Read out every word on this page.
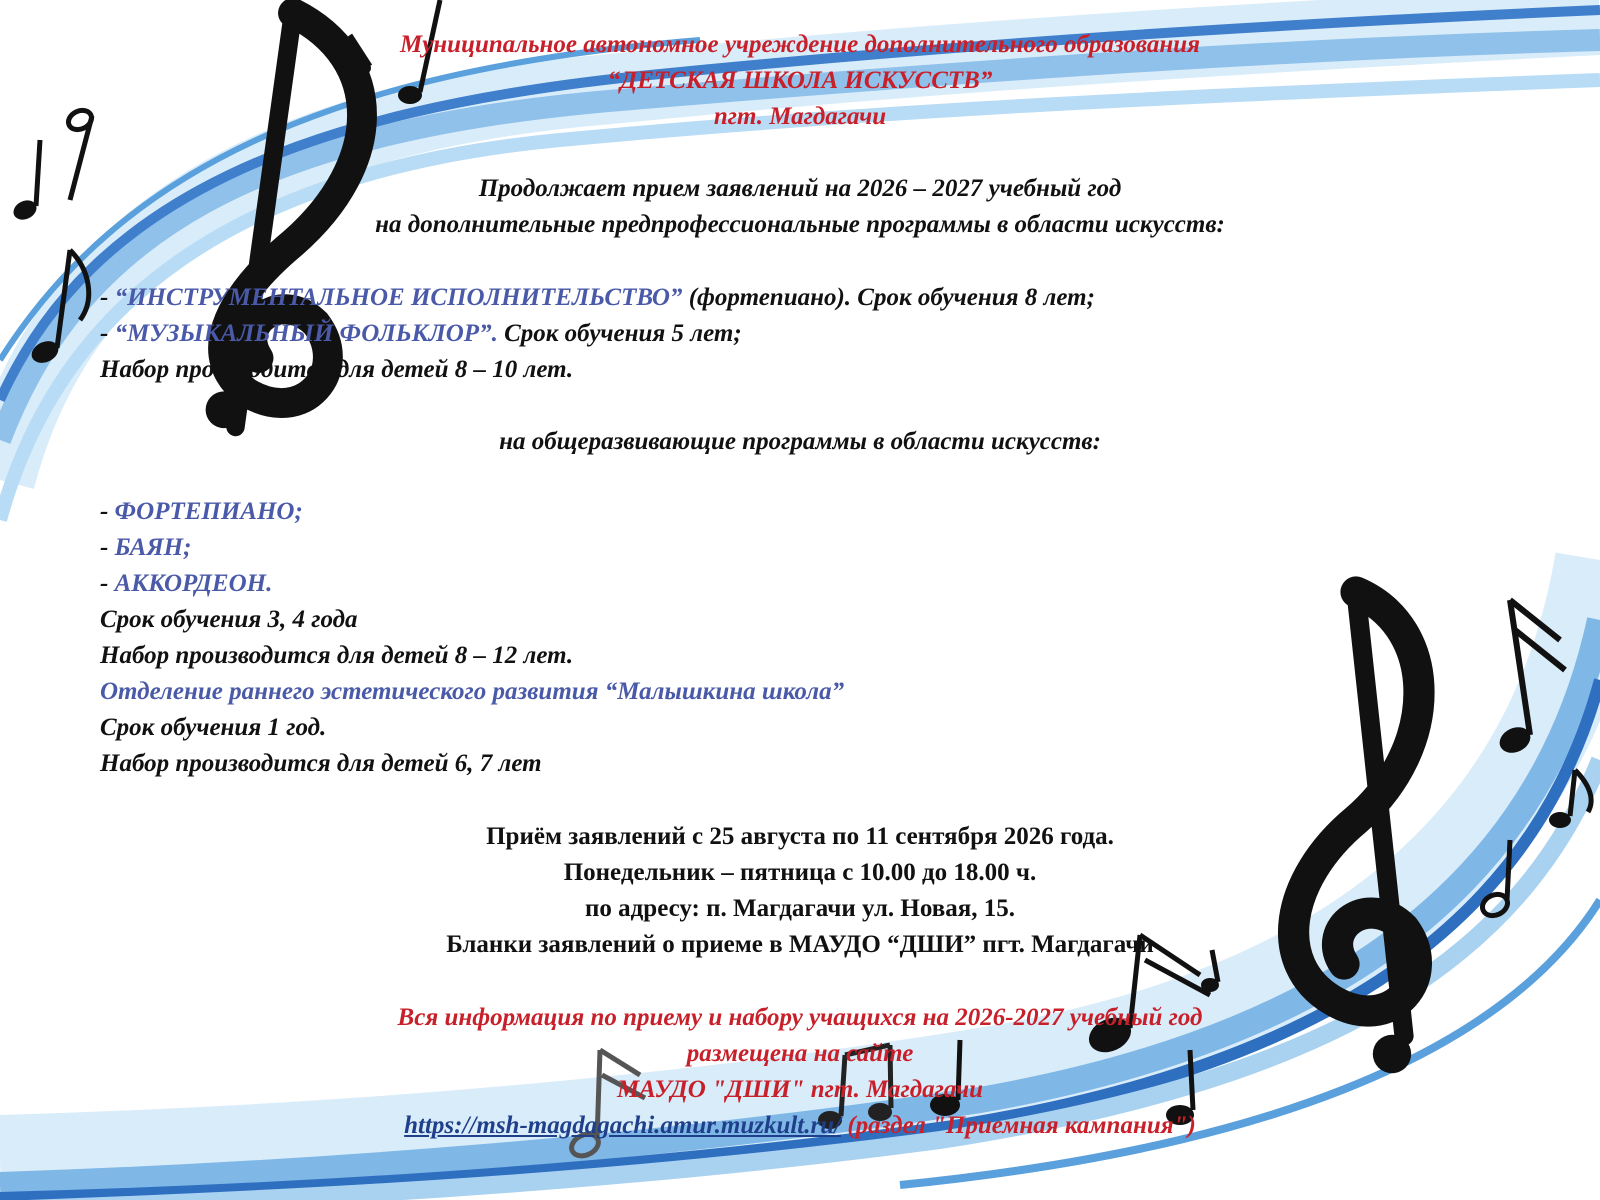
Муниципальное автономное учреждение дополнительного образования
“ДЕТСКАЯ ШКОЛА ИСКУССТВ”
пгт. Магдагачи
Продолжает прием заявлений на 2026 – 2027 учебный год
на дополнительные предпрофессиональные программы в области искусств:
- “ИНСТРУМЕНТАЛЬНОЕ ИСПОЛНИТЕЛЬСТВО” (фортепиано). Срок обучения 8 лет;
- “МУЗЫКАЛЬНЫЙ ФОЛЬКЛОР”. Срок обучения 5 лет;
Набор производится для детей 8 – 10 лет.
на общеразвивающие программы в области искусств:
- ФОРТЕПИАНО;
- БАЯН;
- АККОРДЕОН.
Срок обучения 3, 4 года
Набор производится для детей 8 – 12 лет.
Отделение раннего эстетического развития “Малышкина школа”
Срок обучения 1 год.
Набор производится для детей 6, 7 лет
Приём заявлений с 25 августа по 11 сентября 2026 года.
Понедельник – пятница с 10.00 до 18.00 ч.
по адресу: п. Магдагачи ул. Новая, 15.
Бланки заявлений о приеме в МАУДО “ДШИ” пгт. Магдагачи
Вся информация по приему и набору учащихся на 2026-2027 учебный год
размещена на сайте
МАУДО "ДШИ" пгт. Магдагачи
https://msh-magdagachi.amur.muzkult.ru/ (раздел "Приемная кампания")
